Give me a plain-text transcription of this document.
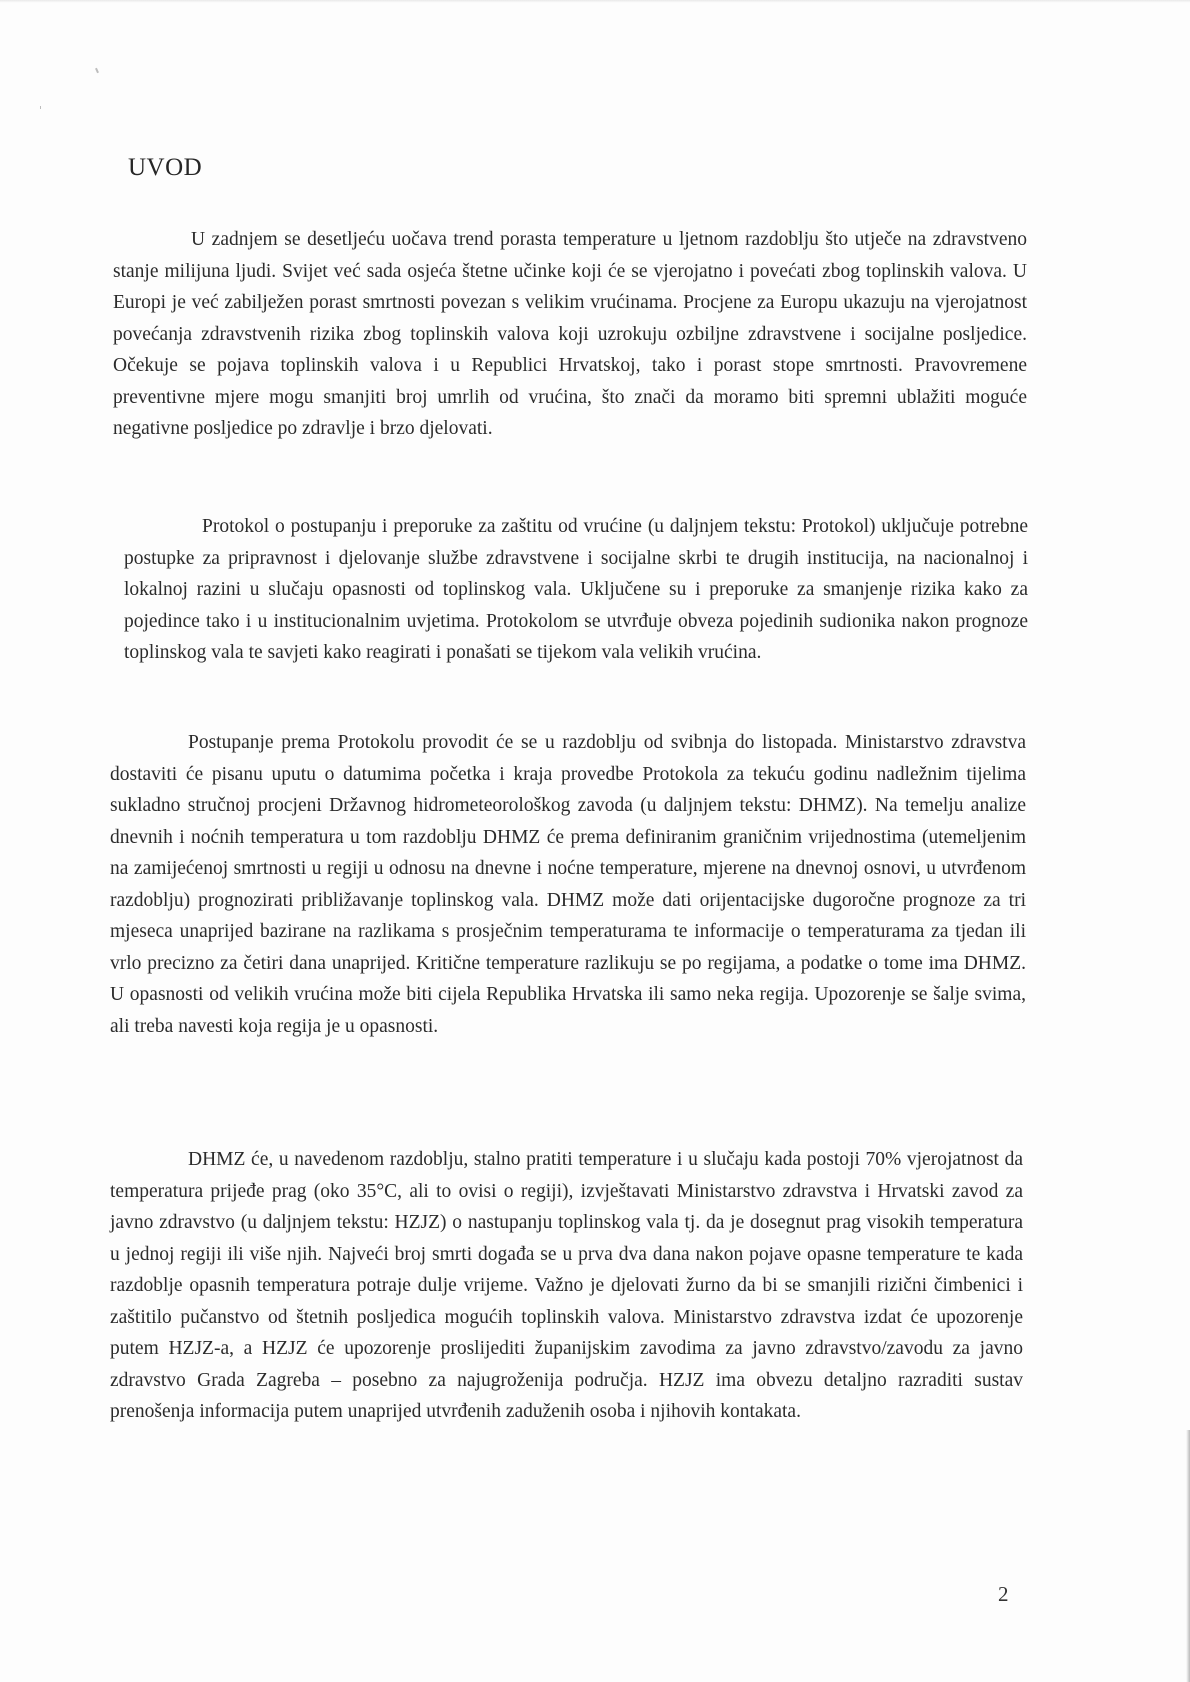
UVOD

U zadnjem se desetljeću uočava trend porasta temperature u ljetnom razdoblju što utječe na zdravstveno stanje milijuna ljudi. Svijet već sada osjeća štetne učinke koji će se vjerojatno i povećati zbog toplinskih valova. U Europi je već zabilježen porast smrtnosti povezan s velikim vrućinama. Procjene za Europu ukazuju na vjerojatnost povećanja zdravstvenih rizika zbog toplinskih valova koji uzrokuju ozbiljne zdravstvene i socijalne posljedice. Očekuje se pojava toplinskih valova i u Republici Hrvatskoj, tako i porast stope smrtnosti. Pravovremene preventivne mjere mogu smanjiti broj umrlih od vrućina, što znači da moramo biti spremni ublažiti moguće negativne posljedice po zdravlje i brzo djelovati.

Protokol o postupanju i preporuke za zaštitu od vrućine (u daljnjem tekstu: Protokol) uključuje potrebne postupke za pripravnost i djelovanje službe zdravstvene i socijalne skrbi te drugih institucija, na nacionalnoj i lokalnoj razini u slučaju opasnosti od toplinskog vala. Uključene su i preporuke za smanjenje rizika kako za pojedince tako i u institucionalnim uvjetima. Protokolom se utvrđuje obveza pojedinih sudionika nakon prognoze toplinskog vala te savjeti kako reagirati i ponašati se tijekom vala velikih vrućina.

Postupanje prema Protokolu provodit će se u razdoblju od svibnja do listopada. Ministarstvo zdravstva dostaviti će pisanu uputu o datumima početka i kraja provedbe Protokola za tekuću godinu nadležnim tijelima sukladno stručnoj procjeni Državnog hidrometeorološkog zavoda (u daljnjem tekstu: DHMZ). Na temelju analize dnevnih i noćnih temperatura u tom razdoblju DHMZ će prema definiranim graničnim vrijednostima (utemeljenim na zamijećenoj smrtnosti u regiji u odnosu na dnevne i noćne temperature, mjerene na dnevnoj osnovi, u utvrđenom razdoblju) prognozirati približavanje toplinskog vala. DHMZ može dati orijentacijske dugoročne prognoze za tri mjeseca unaprijed bazirane na razlikama s prosječnim temperaturama te informacije o temperaturama za tjedan ili vrlo precizno za četiri dana unaprijed. Kritične temperature razlikuju se po regijama, a podatke o tome ima DHMZ. U opasnosti od velikih vrućina može biti cijela Republika Hrvatska ili samo neka regija. Upozorenje se šalje svima, ali treba navesti koja regija je u opasnosti.

DHMZ će, u navedenom razdoblju, stalno pratiti temperature i u slučaju kada postoji 70% vjerojatnost da temperatura prijeđe prag (oko 35°C, ali to ovisi o regiji), izvještavati Ministarstvo zdravstva i Hrvatski zavod za javno zdravstvo (u daljnjem tekstu: HZJZ) o nastupanju toplinskog vala tj. da je dosegnut prag visokih temperatura u jednoj regiji ili više njih. Najveći broj smrti događa se u prva dva dana nakon pojave opasne temperature te kada razdoblje opasnih temperatura potraje dulje vrijeme. Važno je djelovati žurno da bi se smanjili rizični čimbenici i zaštitilo pučanstvo od štetnih posljedica mogućih toplinskih valova. Ministarstvo zdravstva izdat će upozorenje putem HZJZ-a, a HZJZ će upozorenje proslijediti županijskim zavodima za javno zdravstvo/zavodu za javno zdravstvo Grada Zagreba – posebno za najugroženija područja. HZJZ ima obvezu detaljno razraditi sustav prenošenja informacija putem unaprijed utvrđenih zaduženih osoba i njihovih kontakata.

2
